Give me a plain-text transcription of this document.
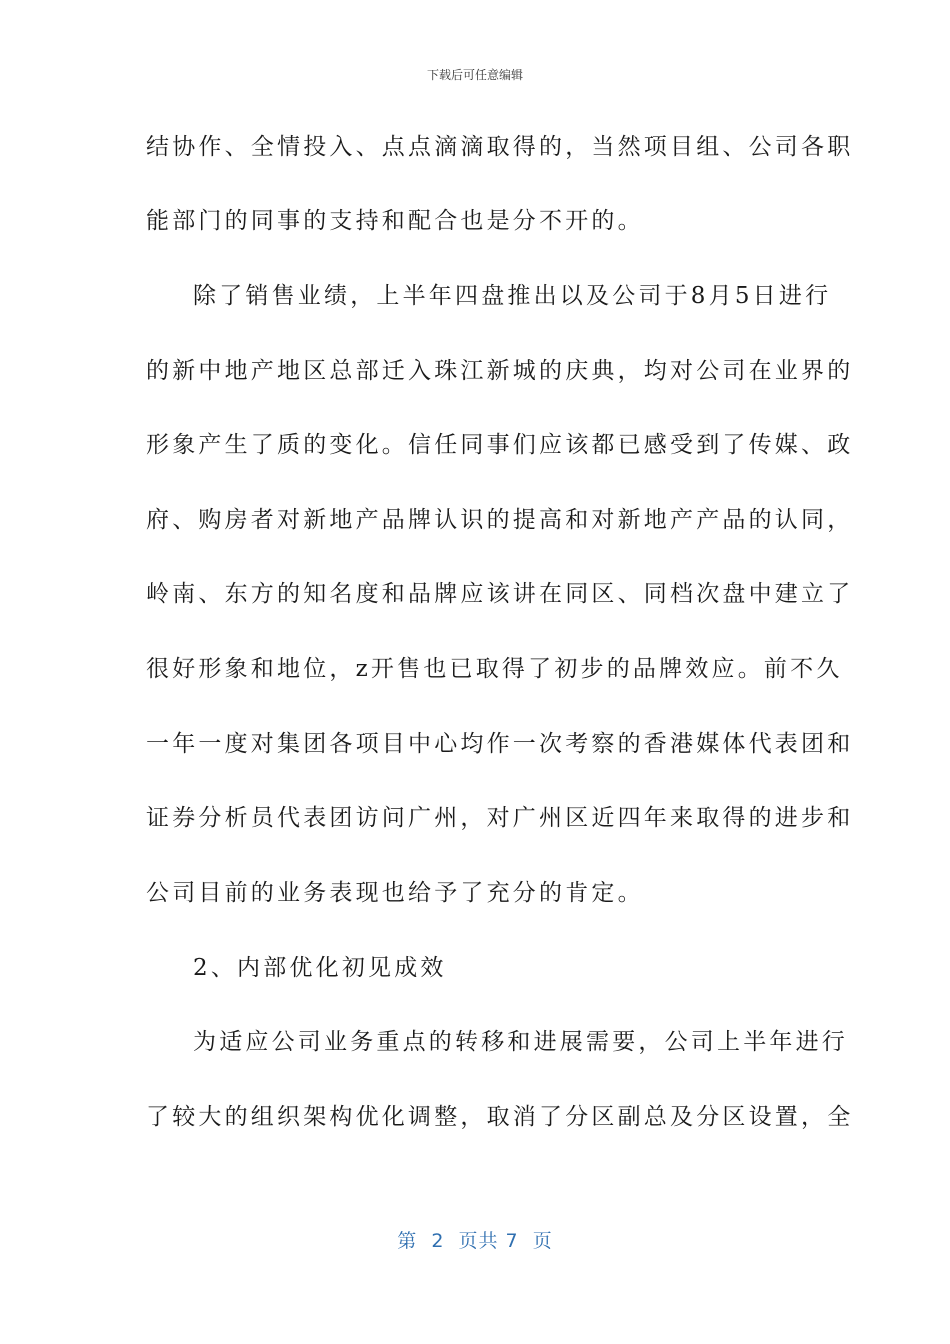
下载后可任意编辑
结协作、全情投入、点点滴滴取得的，当然项目组、公司各职
能部门的同事的支持和配合也是分不开的。
除了销售业绩，上半年四盘推出以及公司于8月5日进行
的新中地产地区总部迁入珠江新城的庆典，均对公司在业界的
形象产生了质的变化。信任同事们应该都已感受到了传媒、政
府、购房者对新地产品牌认识的提高和对新地产产品的认同，
岭南、东方的知名度和品牌应该讲在同区、同档次盘中建立了
很好形象和地位，z开售也已取得了初步的品牌效应。前不久
一年一度对集团各项目中心均作一次考察的香港媒体代表团和
证券分析员代表团访问广州，对广州区近四年来取得的进步和
公司目前的业务表现也给予了充分的肯定。
2、内部优化初见成效
为适应公司业务重点的转移和进展需要，公司上半年进行
了较大的组织架构优化调整，取消了分区副总及分区设置，全
第  2  页共 7  页
